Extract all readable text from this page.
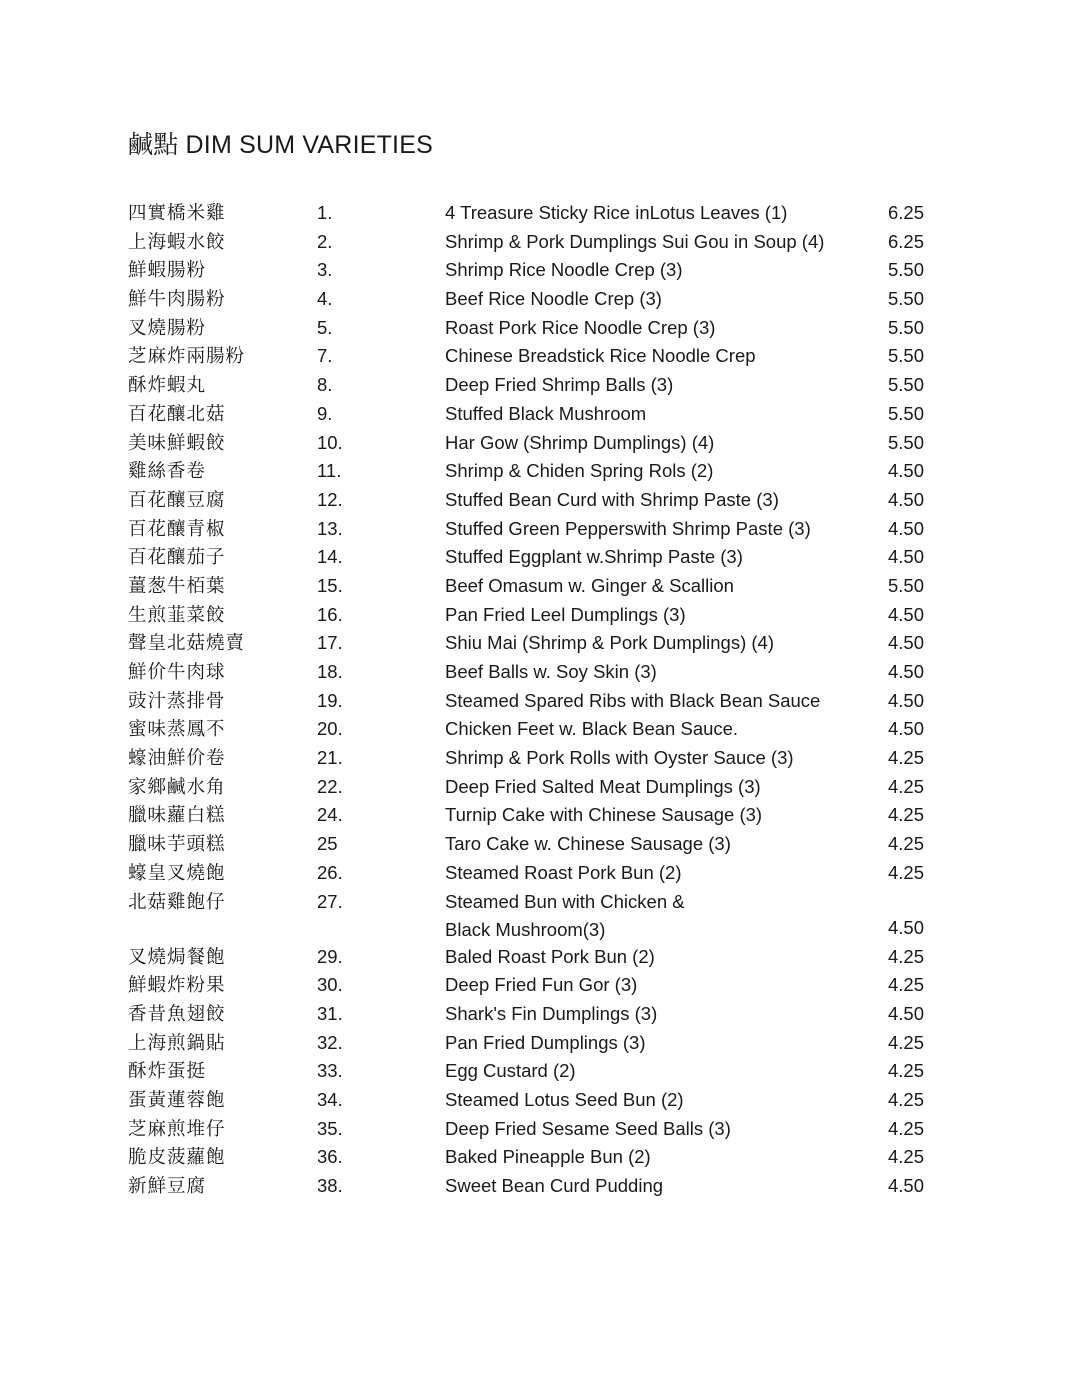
鹹點 DIM SUM VARIETIES
四實橋米雞	1.	4 Treasure Sticky Rice inLotus Leaves (1)	6.25
上海蝦水餃	2.	Shrimp & Pork Dumplings Sui Gou in Soup (4)	6.25
鮮蝦腸粉	3.	Shrimp Rice Noodle Crep (3)	5.50
鮮牛肉腸粉	4.	Beef Rice Noodle Crep (3)	5.50
叉燒腸粉	5.	Roast Pork Rice Noodle Crep (3)	5.50
芝麻炸兩腸粉	7.	Chinese Breadstick Rice Noodle Crep	5.50
酥炸蝦丸	8.	Deep Fried Shrimp Balls (3)	5.50
百花釀北菇	9.	Stuffed Black Mushroom	5.50
美味鮮蝦餃	10.	Har Gow (Shrimp Dumplings) (4)	5.50
雞絲香卷	11.	Shrimp & Chiden Spring Rols (2)	4.50
百花釀豆腐	12.	Stuffed Bean Curd with Shrimp Paste (3)	4.50
百花釀青椒	13.	Stuffed Green Pepperswith Shrimp Paste (3)	4.50
百花釀茄子	14.	Stuffed Eggplant w.Shrimp Paste (3)	4.50
薑葱牛栢葉	15.	Beef Omasum w. Ginger & Scallion	5.50
生煎韮菜餃	16.	Pan Fried Leel Dumplings (3)	4.50
聲皇北菇燒賣	17.	Shiu Mai (Shrimp & Pork Dumplings) (4)	4.50
鮮价牛肉球	18.	Beef Balls w. Soy Skin (3)	4.50
豉汁蒸排骨	19.	Steamed Spared Ribs with Black Bean Sauce	4.50
蜜味蒸鳳不	20.	Chicken Feet w. Black Bean Sauce.	4.50
蠔油鮮价卷	21.	Shrimp & Pork Rolls with Oyster Sauce (3)	4.25
家鄉鹹水角	22.	Deep Fried Salted Meat Dumplings (3)	4.25
臘味蘿白糕	24.	Turnip Cake with Chinese Sausage (3)	4.25
臘味芋頭糕	25	Taro Cake w. Chinese Sausage (3)	4.25
蠔皇叉燒飽	26.	Steamed Roast Pork Bun (2)	4.25
北菇雞飽仔	27.	Steamed Bun with Chicken &
Black Mushroom(3)	4.50
叉燒焗餐飽	29.	Baled Roast Pork Bun (2)	4.25
鮮蝦炸粉果	30.	Deep Fried Fun Gor (3)	4.25
香昔魚翅餃	31.	Shark's Fin Dumplings (3)	4.50
上海煎鍋貼	32.	Pan Fried Dumplings (3)	4.25
酥炸蛋挺	33.	Egg Custard (2)	4.25
蛋黃蓮蓉飽	34.	Steamed Lotus Seed Bun (2)	4.25
芝麻煎堆仔	35.	Deep Fried Sesame Seed Balls (3)	4.25
脆皮菠蘿飽	36.	Baked Pineapple Bun (2)	4.25
新鮮豆腐	38.	Sweet Bean Curd Pudding	4.50
